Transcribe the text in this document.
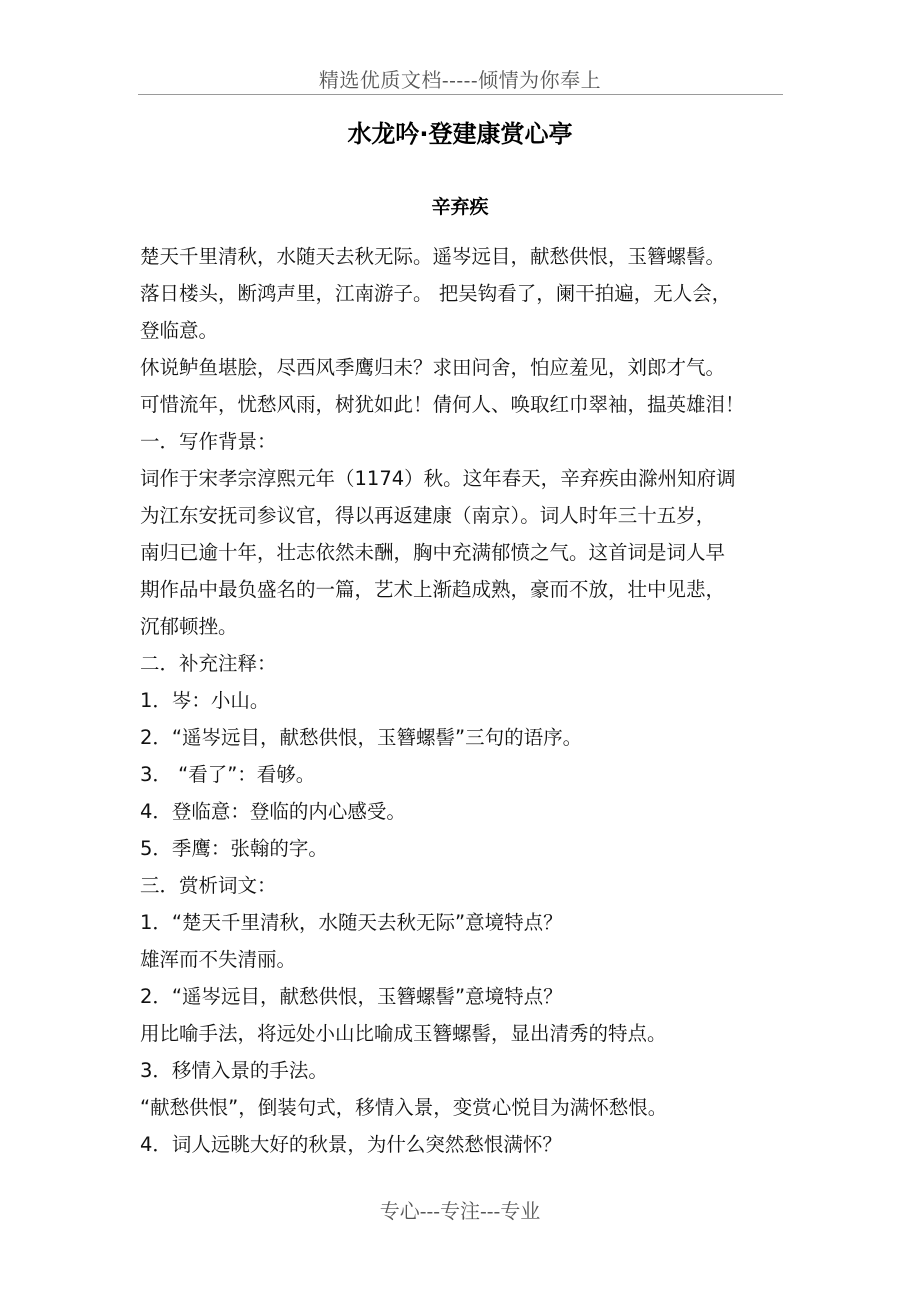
精选优质文档-----倾情为你奉上
水龙吟·登建康赏心亭
辛弃疾
楚天千里清秋，水随天去秋无际。遥岑远目，献愁供恨，玉簪螺髻。
落日楼头，断鸿声里，江南游子。 把吴钩看了，阑干拍遍，无人会，
登临意。
休说鲈鱼堪脍，尽西风季鹰归未？求田问舍，怕应羞见，刘郎才气。
可惜流年，忧愁风雨，树犹如此！倩何人、唤取红巾翠袖，揾英雄泪！
一．写作背景：
词作于宋孝宗淳熙元年（1174）秋。这年春天，辛弃疾由滁州知府调
为江东安抚司参议官，得以再返建康（南京）。词人时年三十五岁，
南归已逾十年，壮志依然未酬，胸中充满郁愤之气。这首词是词人早
期作品中最负盛名的一篇，艺术上渐趋成熟，豪而不放，壮中见悲，
沉郁顿挫。
二．补充注释：
1．岑：小山。
2．“遥岑远目，献愁供恨，玉簪螺髻”三句的语序。
3． “看了”：看够。
4．登临意：登临的内心感受。
5．季鹰：张翰的字。
三．赏析词文：
1．“楚天千里清秋，水随天去秋无际”意境特点？
雄浑而不失清丽。
2．“遥岑远目，献愁供恨，玉簪螺髻”意境特点？
用比喻手法，将远处小山比喻成玉簪螺髻，显出清秀的特点。
3．移情入景的手法。
“献愁供恨”，倒装句式，移情入景，变赏心悦目为满怀愁恨。
4．词人远眺大好的秋景，为什么突然愁恨满怀？
专心---专注---专业
